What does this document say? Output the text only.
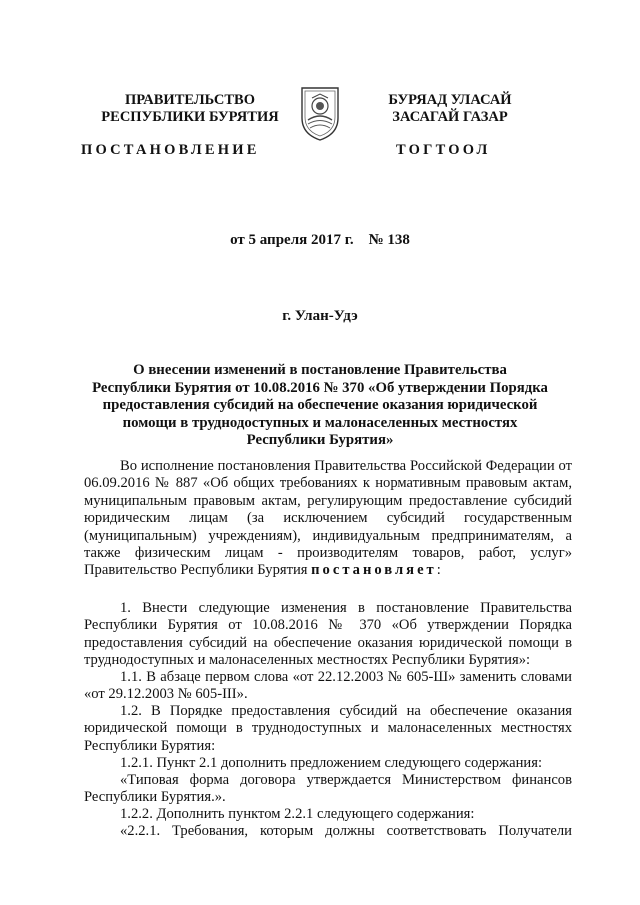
ПРАВИТЕЛЬСТВО
РЕСПУБЛИКИ БУРЯТИЯ
БУРЯАД УЛАСАЙ
ЗАСАГАЙ ГАЗАР
ПОСТАНОВЛЕНИЕ	ТОГТООЛ
от 5 апреля 2017 г.    № 138
г. Улан-Удэ
О внесении изменений в постановление Правительства
Республики Бурятия от 10.08.2016 № 370 «Об утверждении Порядка
предоставления субсидий на обеспечение оказания юридической
помощи в труднодоступных и малонаселенных местностях
Республики Бурятия»
Во исполнение постановления Правительства Российской Федерации от 06.09.2016 № 887 «Об общих требованиях к нормативным правовым актам, муниципальным правовым актам, регулирующим предоставление субсидий юридическим лицам (за исключением субсидий государственным (муниципальным) учреждениям), индивидуальным предпринимателям, а также физическим лицам - производителям товаров, работ, услуг» Правительство Республики Бурятия постановляет:
1. Внести следующие изменения в постановление Правительства Республики Бурятия от 10.08.2016 № 370 «Об утверждении Порядка предоставления субсидий на обеспечение оказания юридической помощи в труднодоступных и малонаселенных местностях Республики Бурятия»:
1.1. В абзаце первом слова «от 22.12.2003 № 605-Ш» заменить словами «от 29.12.2003 № 605-III».
1.2. В Порядке предоставления субсидий на обеспечение оказания юридической помощи в труднодоступных и малонаселенных местностях Республики Бурятия:
1.2.1. Пункт 2.1 дополнить предложением следующего содержания:
«Типовая форма договора утверждается Министерством финансов Республики Бурятия.».
1.2.2. Дополнить пунктом 2.2.1 следующего содержания:
«2.2.1. Требования, которым должны соответствовать Получатели
